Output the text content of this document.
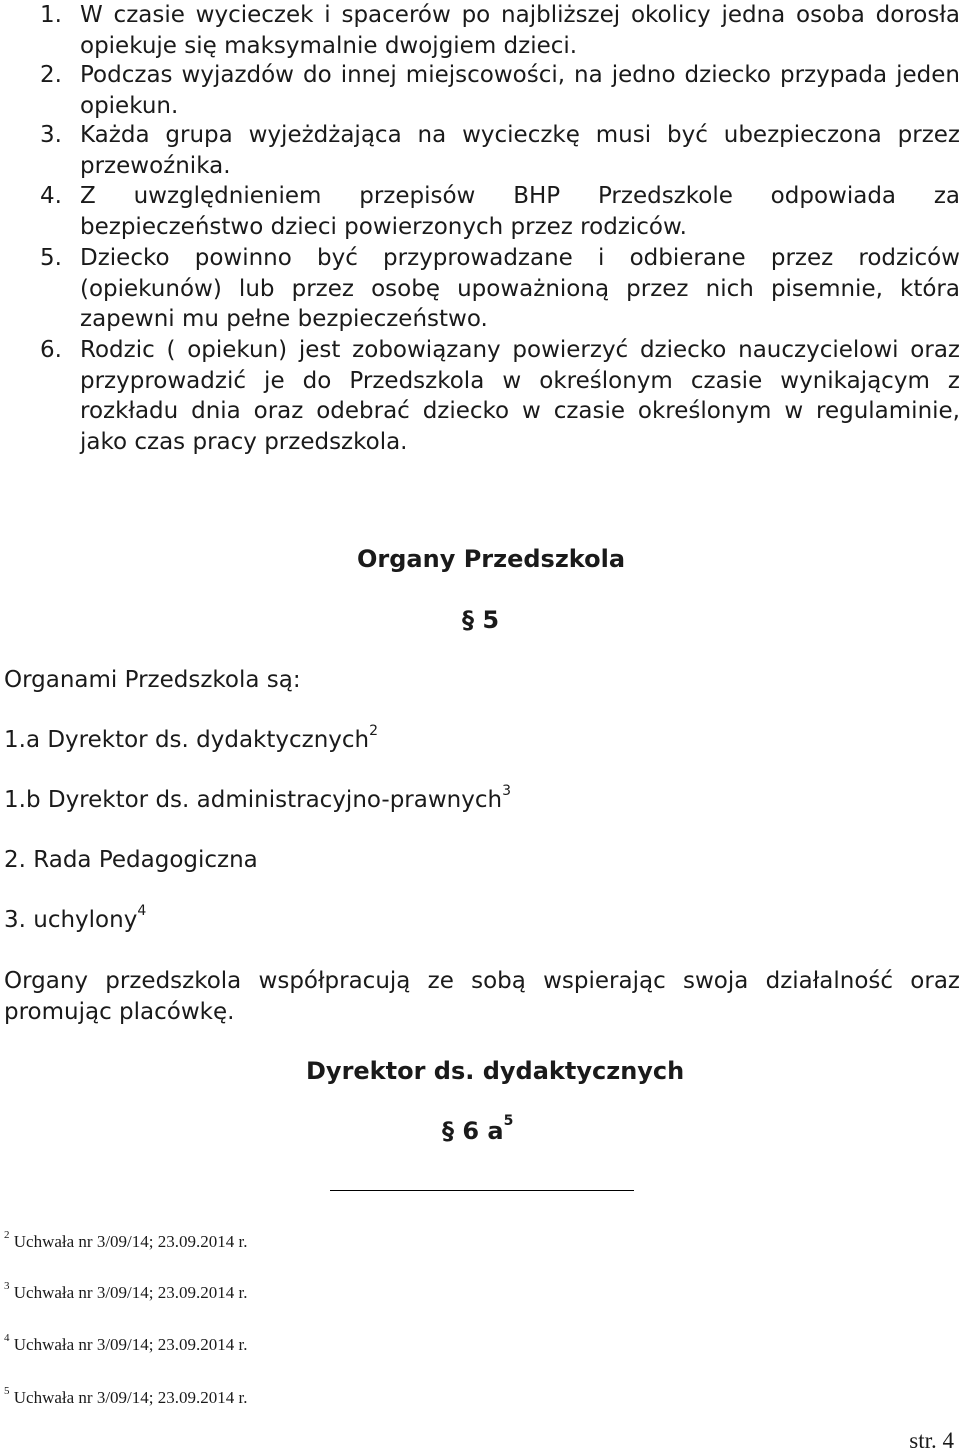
1. W czasie wycieczek i spacerów po najbliższej okolicy jedna osoba dorosła opiekuje się maksymalnie dwojgiem dzieci.
2. Podczas wyjazdów do innej miejscowości, na jedno dziecko przypada jeden opiekun.
3. Każda grupa wyjeżdżająca na wycieczkę musi być ubezpieczona przez przewoźnika.
4. Z uwzględnieniem przepisów BHP Przedszkole odpowiada za bezpieczeństwo dzieci powierzonych przez rodziców.
5. Dziecko powinno być przyprowadzane i odbierane przez rodziców (opiekunów) lub przez osobę upoważnioną przez nich pisemnie, która zapewni mu pełne bezpieczeństwo.
6. Rodzic ( opiekun) jest zobowiązany powierzyć dziecko nauczycielowi oraz przyprowadzić je do Przedszkola w określonym czasie wynikającym z rozkładu dnia oraz odebrać dziecko w czasie określonym w regulaminie, jako czas pracy przedszkola.
Organy Przedszkola
§ 5
Organami Przedszkola są:
1.a Dyrektor ds. dydaktycznych$^2$
1.b Dyrektor ds. administracyjno-prawnych$^3$
2. Rada Pedagogiczna
3. uchylony$^4$
Organy przedszkola współpracują ze sobą wspierając swoja działalność oraz promując placówkę.
Dyrektor ds. dydaktycznych
§ 6 $a^5$
$^2$ Uchwała nr 3/09/14; 23.09.2014 r.
$^3$ Uchwała nr 3/09/14; 23.09.2014 r.
$^4$ Uchwała nr 3/09/14; 23.09.2014 r.
$^5$ Uchwała nr 3/09/14; 23.09.2014 r.
str. 4
